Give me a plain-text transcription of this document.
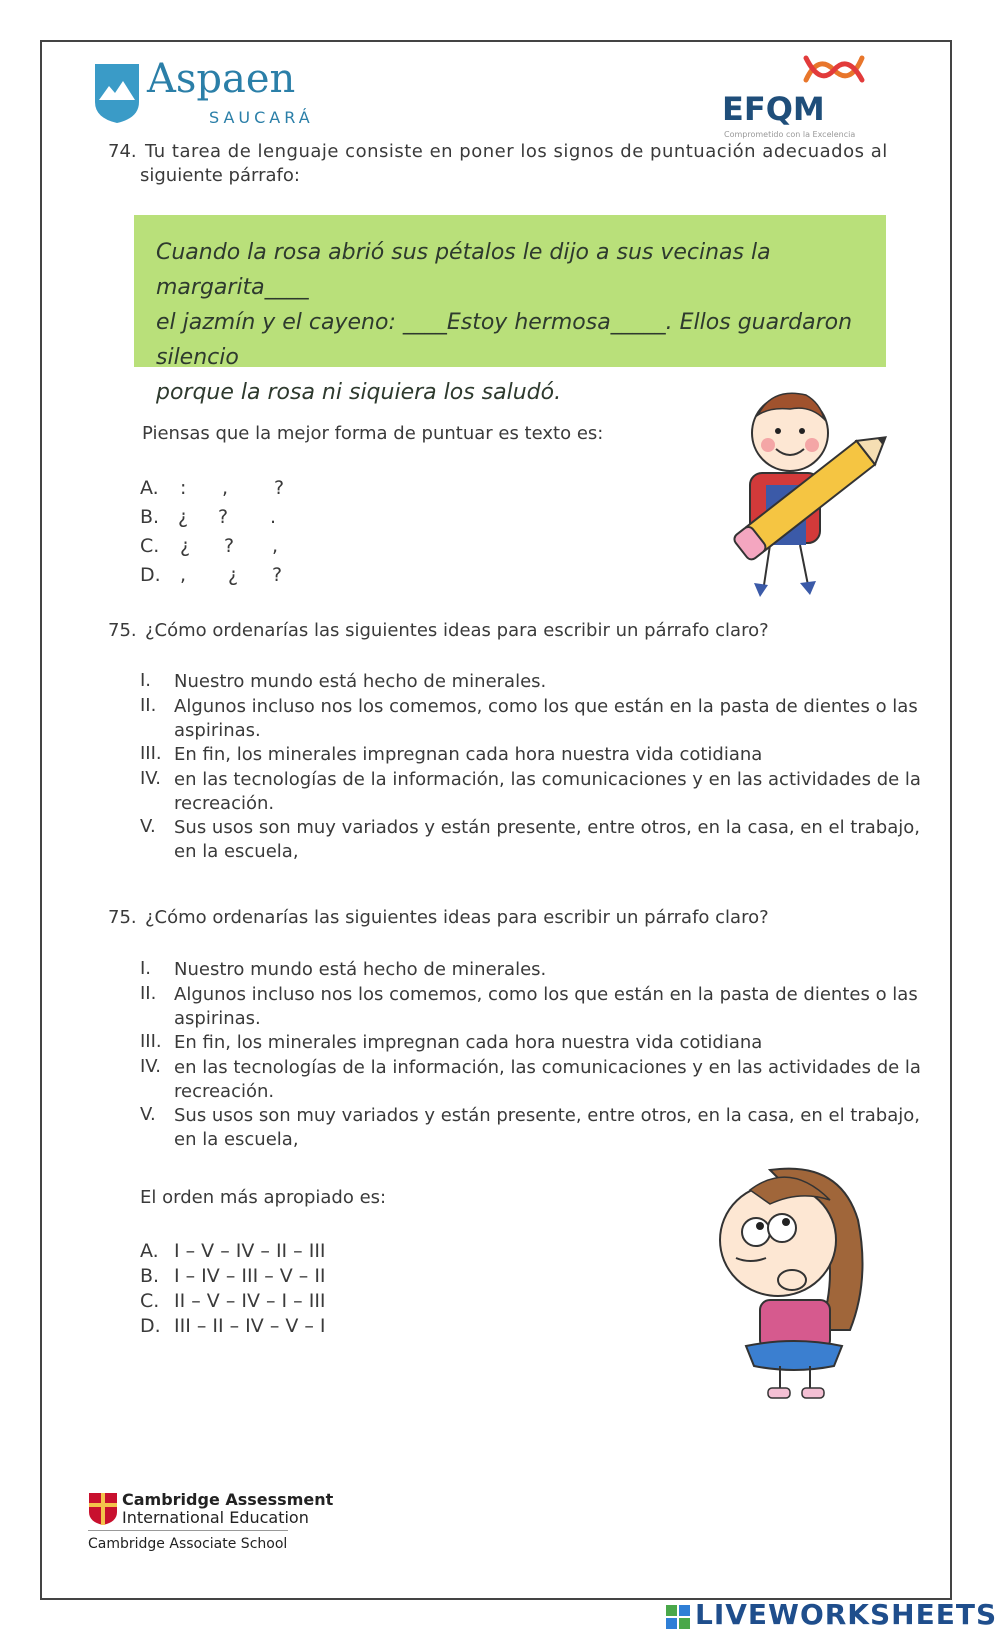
Aspaen
SAUCARÁ	EFQM
Comprometido con la Excelencia
74. Tu tarea de lenguaje consiste en poner los signos de puntuación adecuados al
siguiente párrafo:
Cuando la rosa abrió sus pétalos le dijo a sus vecinas la margarita____
el jazmín y el cayeno: ____Estoy hermosa_____. Ellos guardaron silencio
porque la rosa ni siquiera los saludó.
Piensas que la mejor forma de puntuar es texto es:
A. : , ?
B. ¿ ? .
C. ¿ ? ,
D. , ¿ ?
75. ¿Cómo ordenarías las siguientes ideas para escribir un párrafo claro?
I. Nuestro mundo está hecho de minerales.
II. Algunos incluso nos los comemos, como los que están en la pasta de dientes o las
aspirinas.
III. En fin, los minerales impregnan cada hora nuestra vida cotidiana
IV. en las tecnologías de la información, las comunicaciones y en las actividades de la
recreación.
V. Sus usos son muy variados y están presente, entre otros, en la casa, en el trabajo,
en la escuela,
75. ¿Cómo ordenarías las siguientes ideas para escribir un párrafo claro?
I. Nuestro mundo está hecho de minerales.
II. Algunos incluso nos los comemos, como los que están en la pasta de dientes o las
aspirinas.
III. En fin, los minerales impregnan cada hora nuestra vida cotidiana
IV. en las tecnologías de la información, las comunicaciones y en las actividades de la
recreación.
V. Sus usos son muy variados y están presente, entre otros, en la casa, en el trabajo,
en la escuela,
El orden más apropiado es:
A. I – V – IV – II – III
B. I – IV – III – V – II
C. II – V – IV – I – III
D. III – II – IV – V – I
Cambridge Assessment
International Education
Cambridge Associate School
LIVEWORKSHEETS
